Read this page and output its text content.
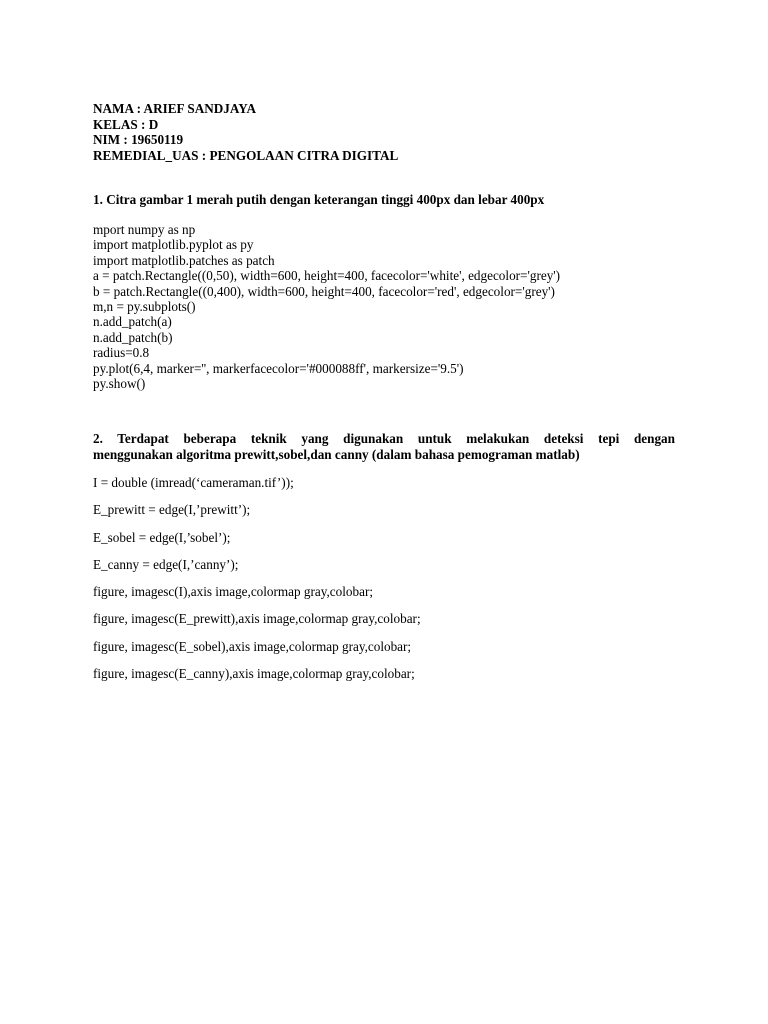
NAMA : ARIEF SANDJAYA
KELAS : D
NIM : 19650119
REMEDIAL_UAS : PENGOLAAN CITRA DIGITAL
1. Citra gambar 1 merah putih dengan keterangan tinggi 400px dan lebar 400px
mport numpy as np
import matplotlib.pyplot as py
import matplotlib.patches as patch
a = patch.Rectangle((0,50), width=600, height=400, facecolor='white', edgecolor='grey')
b = patch.Rectangle((0,400), width=600, height=400, facecolor='red', edgecolor='grey')
m,n = py.subplots()
n.add_patch(a)
n.add_patch(b)
radius=0.8
py.plot(6,4, marker='', markerfacecolor='#000088ff', markersize='9.5')
py.show()
2. Terdapat beberapa teknik yang digunakan untuk melakukan deteksi tepi dengan
menggunakan algoritma prewitt,sobel,dan canny (dalam bahasa pemograman matlab)
I = double (imread(‘cameraman.tif’));
E_prewitt = edge(I,’prewitt’);
E_sobel = edge(I,’sobel’);
E_canny = edge(I,’canny’);
figure, imagesc(I),axis image,colormap gray,colobar;
figure, imagesc(E_prewitt),axis image,colormap gray,colobar;
figure, imagesc(E_sobel),axis image,colormap gray,colobar;
figure, imagesc(E_canny),axis image,colormap gray,colobar;
